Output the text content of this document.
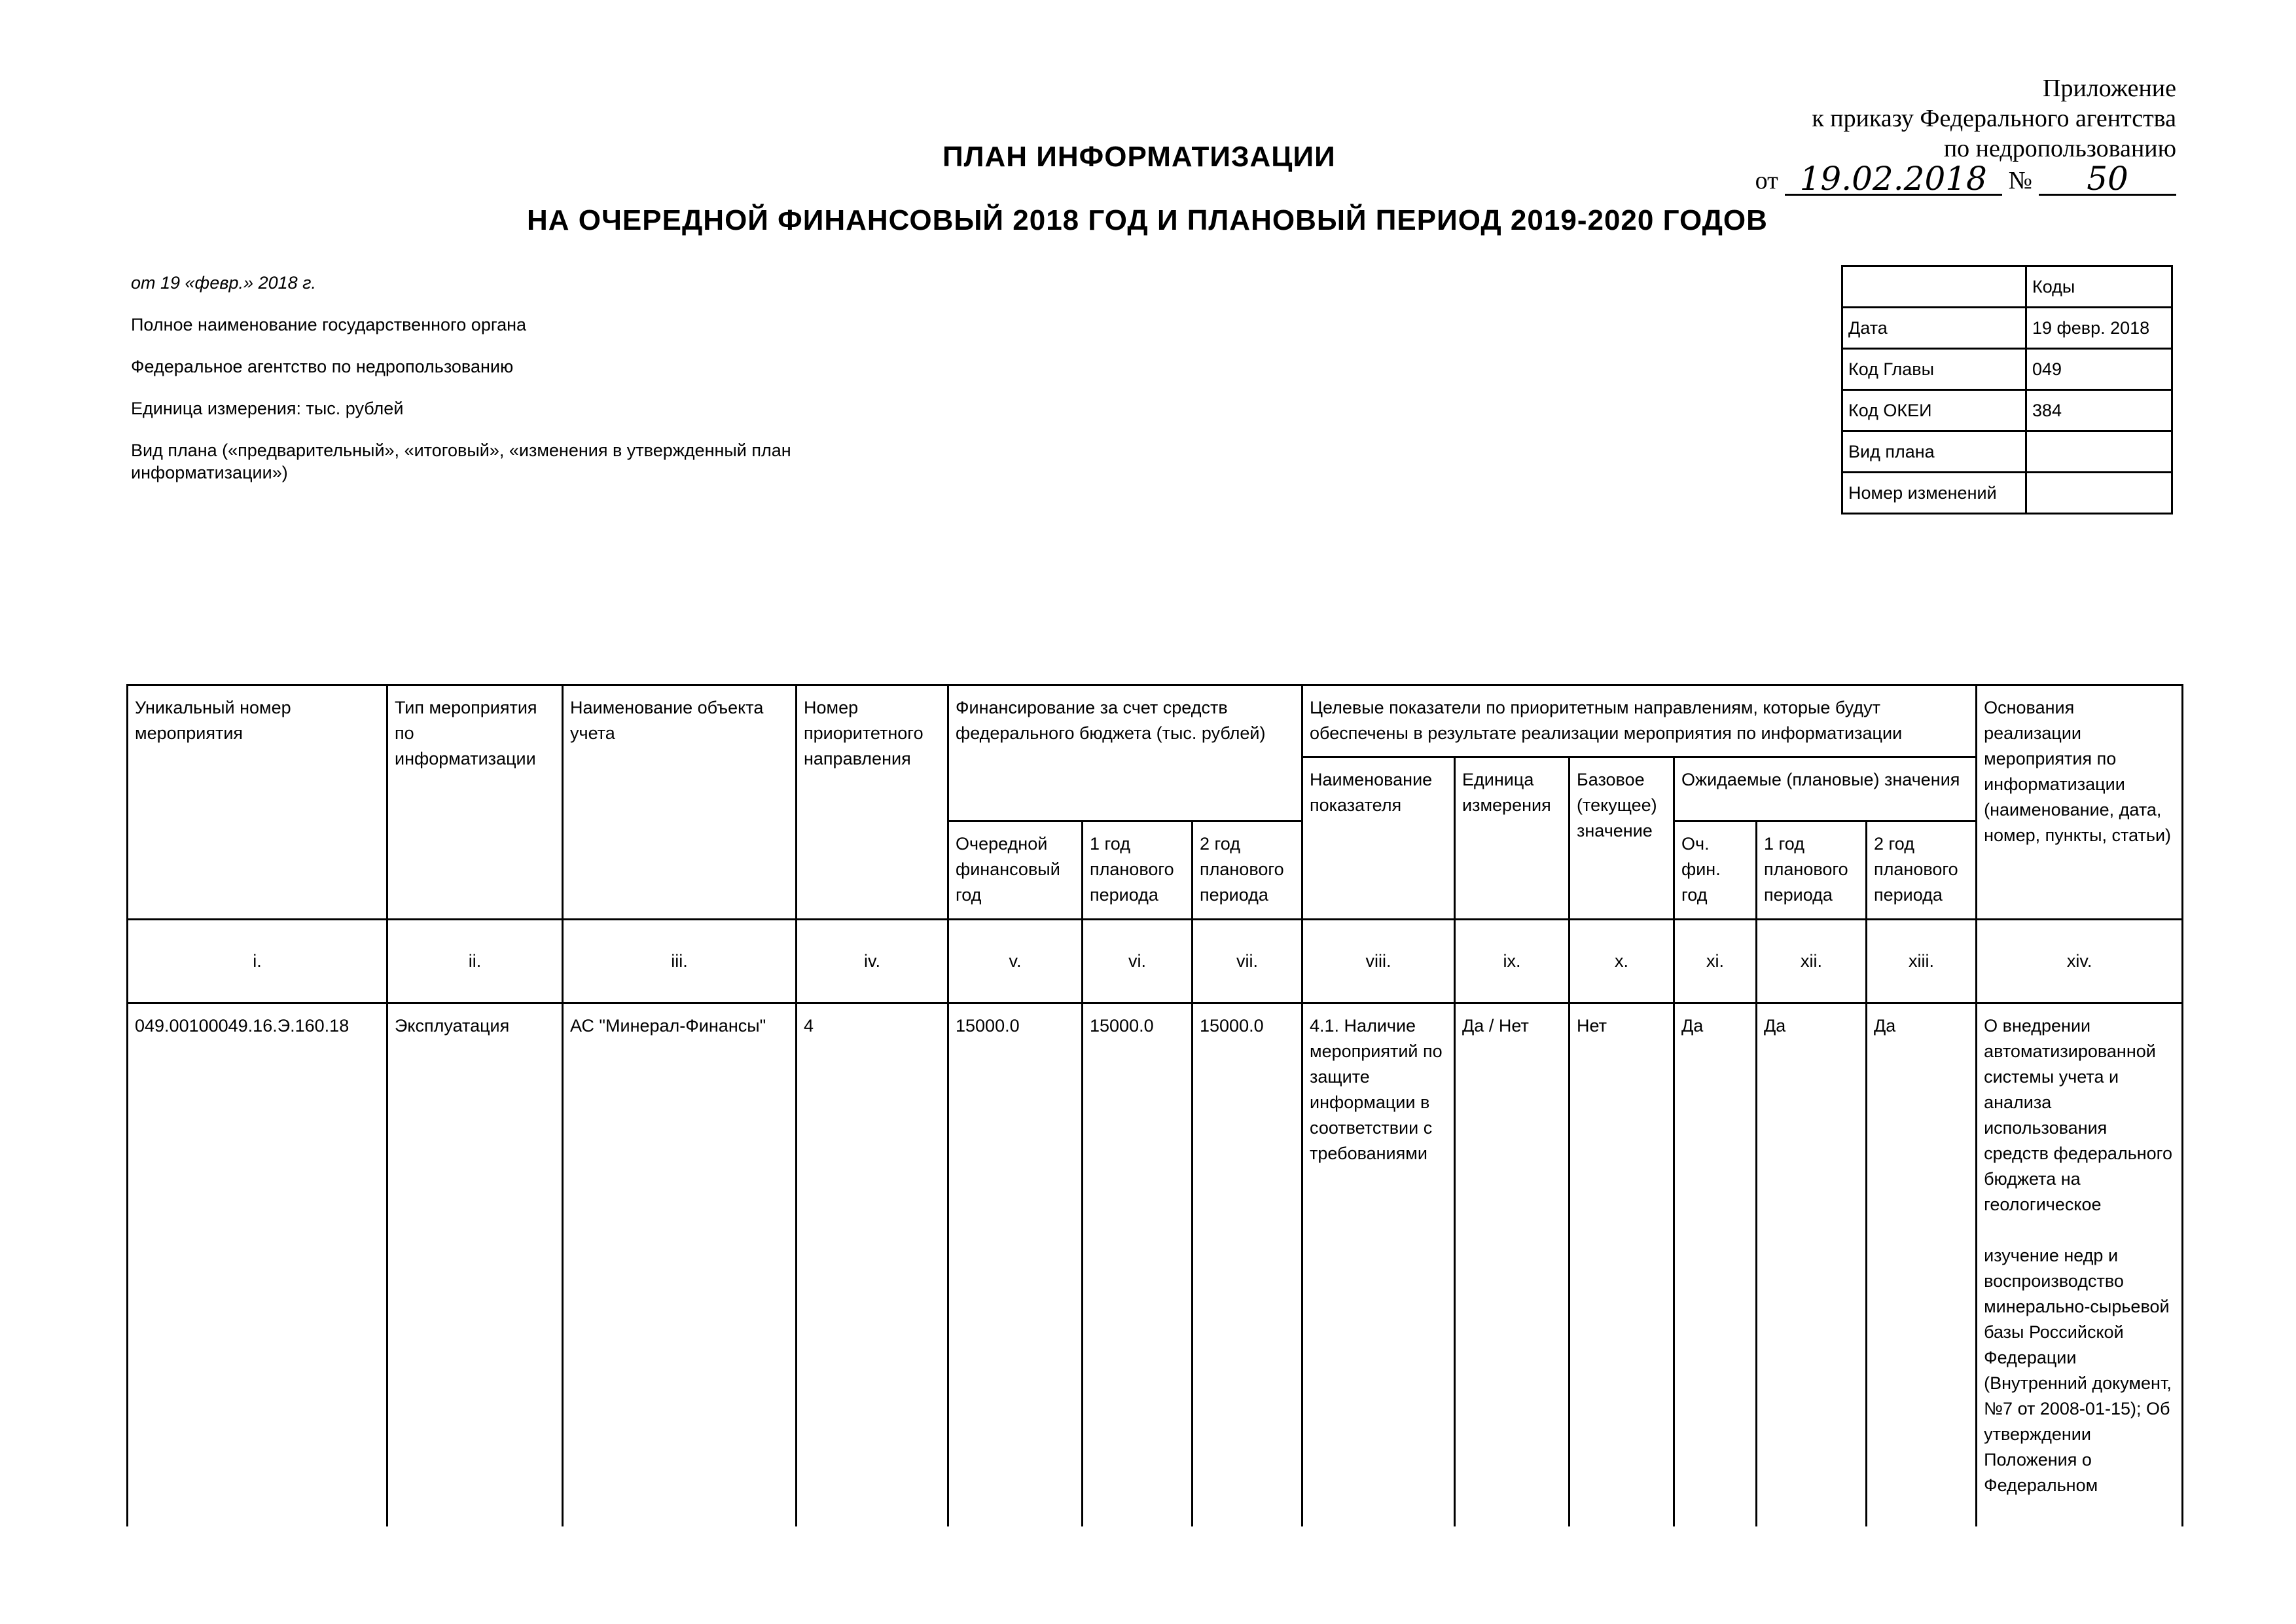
Приложение
к приказу Федерального агентства
по недропользованию
от 19.02.2018 №	50
ПЛАН ИНФОРМАТИЗАЦИИ
НА ОЧЕРЕДНОЙ ФИНАНСОВЫЙ 2018 ГОД И ПЛАНОВЫЙ ПЕРИОД 2019-2020 ГОДОВ

от 19 «февр.» 2018 г.

Полное наименование государственного органа

Федеральное агентство по недропользованию

Единица измерения: тыс. рублей

Вид плана («предварительный», «итоговый», «изменения в утвержденный план информатизации»)

	Коды
Дата	19 февр. 2018
Код Главы	049
Код ОКЕИ	384
Вид плана	
Номер изменений	
Уникальный номер мероприятия	Тип мероприятия по информатизации	Наименование объекта учета	Номер приоритетного направления	Финансирование за счет средств федерального бюджета (тыс. рублей)			Целевые показатели по приоритетным направлениям, которые будут обеспечены в результате реализации мероприятия по информатизации						Основания реализации мероприятия по информатизации (наименование, дата, номер, пункты, статьи)
							Наименование показателя	Единица измерения	Базовое (текущее) значение	Ожидаемые (плановые) значения			
				Очередной финансовый год	1 год планового периода	2 год планового периода				Оч. фин. год	1 год планового периода	2 год планового периода	
i.	ii.	iii.	iv.	v.	vi.	vii.	viii.	ix.	x.	xi.	xii.	xiii.	xiv.
049.00100049.16.Э.160.18	Эксплуатация	АС "Минерал-Финансы"	4	15000.0	15000.0	15000.0	4.1. Наличие мероприятий по защите информации в соответствии с требованиями	Да / Нет	Нет	Да	Да	Да	О внедрении автоматизированной системы учета и анализа использования средств федерального бюджета на геологическое
изучение недр и воспроизводство минерально-сырьевой базы Российской Федерации (Внутренний документ, №7 от 2008-01-15); Об утверждении Положения о Федеральном
